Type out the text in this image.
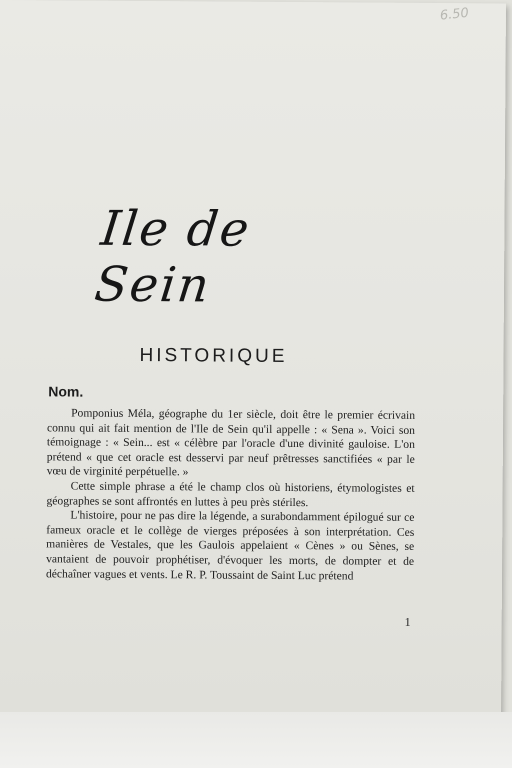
6.50
Ile de Sein
HISTORIQUE
Nom.

Pomponius Méla, géographe du 1er siècle, doit être le premier écrivain connu qui ait fait mention de l'Ile de Sein qu'il appelle : « Sena ». Voici son témoignage : « Sein... est « célèbre par l'oracle d'une divinité gauloise. L'on prétend « que cet oracle est desservi par neuf prêtresses sanctifiées « par le vœu de virginité perpétuelle. »

Cette simple phrase a été le champ clos où historiens, étymologistes et géographes se sont affrontés en luttes à peu près stériles.

L'histoire, pour ne pas dire la légende, a surabondamment épilogué sur ce fameux oracle et le collège de vierges préposées à son interprétation. Ces manières de Vestales, que les Gaulois appelaient « Cènes » ou Sènes, se vantaient de pouvoir prophétiser, d'évoquer les morts, de dompter et de déchaîner vagues et vents. Le R. P. Toussaint de Saint Luc prétend

1
